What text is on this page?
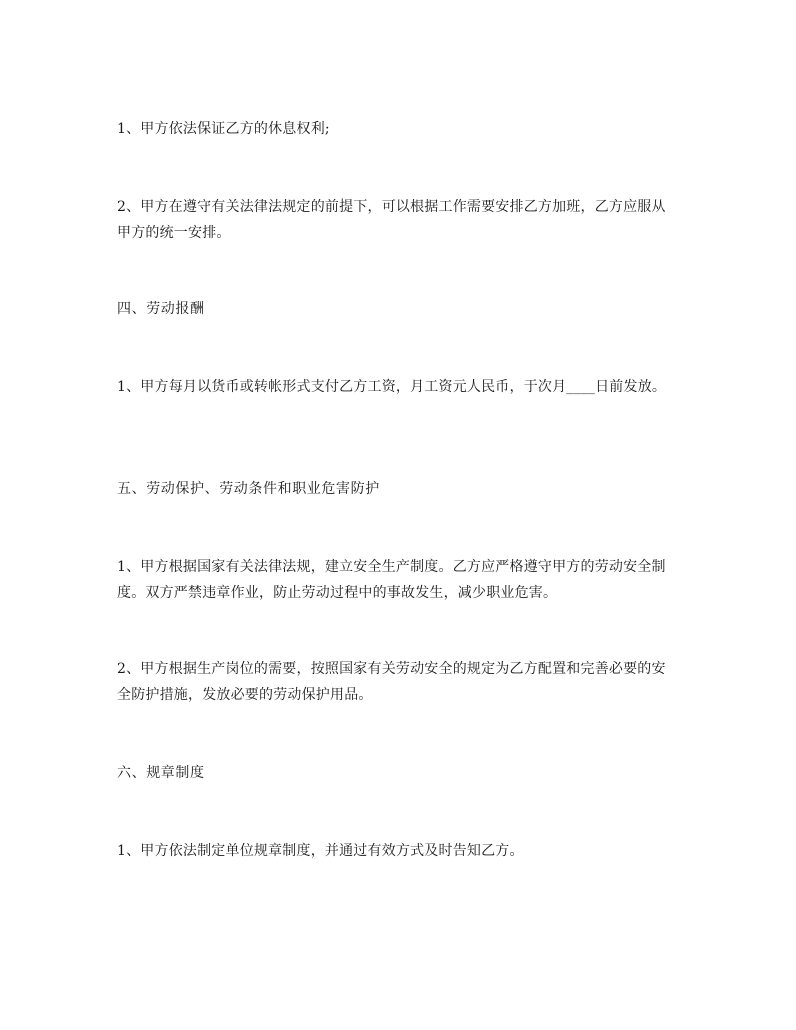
1、甲方依法保证乙方的休息权利;
2、甲方在遵守有关法律法规定的前提下，可以根据工作需要安排乙方加班，乙方应服从甲方的统一安排。
四、劳动报酬
1、甲方每月以货币或转帐形式支付乙方工资，月工资元人民币，于次月____日前发放。
五、劳动保护、劳动条件和职业危害防护
1、甲方根据国家有关法律法规，建立安全生产制度。乙方应严格遵守甲方的劳动安全制度。双方严禁违章作业，防止劳动过程中的事故发生，减少职业危害。
2、甲方根据生产岗位的需要，按照国家有关劳动安全的规定为乙方配置和完善必要的安全防护措施，发放必要的劳动保护用品。
六、规章制度
1、甲方依法制定单位规章制度，并通过有效方式及时告知乙方。
